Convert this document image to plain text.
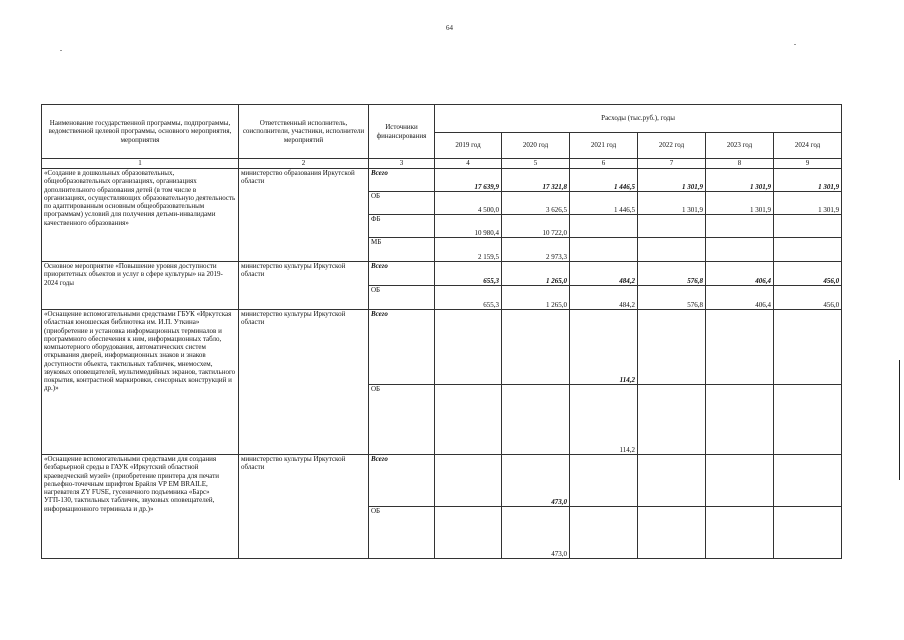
64
Наименование государственной программы, подпрограммы, ведомственной целевой программы, основного мероприятия, мероприятия	Ответственный исполнитель, соисполнители, участники, исполнители мероприятий	Источники финансирования	Расходы (тыс.руб.), годы					
			2019 год	2020 год	2021 год	2022 год	2023 год	2024 год
1	2	3	4	5	6	7	8	9
«Создание в дошкольных образовательных, общеобразовательных организациях, организациях дополнительного образования детей (в том числе в организациях, осуществляющих образовательную деятельность по адаптированным основным общеобразовательным программам) условий для получения детьми-инвалидами качественного образования»	министерство образования Иркутской области	Всего	17 639,9	17 321,8	1 446,5	1 301,9	1 301,9	1 301,9
		ОБ	4 500,0	3 626,5	1 446,5	1 301,9	1 301,9	1 301,9
		ФБ	10 980,4	10 722,0				
		МБ	2 159,5	2 973,3				
Основное мероприятие «Повышение уровня доступности приоритетных объектов и услуг в сфере культуры» на 2019-2024 годы	министерство культуры Иркутской области	Всего	655,3	1 265,0	484,2	576,8	406,4	456,0
		ОБ	655,3	1 265,0	484,2	576,8	406,4	456,0
«Оснащение вспомогательными средствами ГБУК «Иркутская областная юношеская библиотека им. И.П. Уткина» (приобретение и установка информационных терминалов и программного обеспечения к ним, информационных табло, компьютерного оборудования, автоматических систем открывания дверей, информационных знаков и знаков доступности объекта, тактильных табличек, мнемосхем, звуковых оповещателей, мультимедийных экранов, тактильного покрытия, контрастной маркировки, сенсорных конструкций и др.)»	министерство культуры Иркутской области	Всего			114,2			
		ОБ			114,2			
«Оснащение вспомогательными средствами для создания безбарьерной среды в ГАУК «Иркутский областной краеведческий музей» (приобретение принтера для печати рельефно-точечным шрифтом Брайля VP EM BRAILE, нагревателя ZY FUSE, гусеничного подъемника «Барс» УГП-130, тактильных табличек, звуковых оповещателей, информационного терминала и др.)»	министерство культуры Иркутской области	Всего		473,0				
		ОБ		473,0				
